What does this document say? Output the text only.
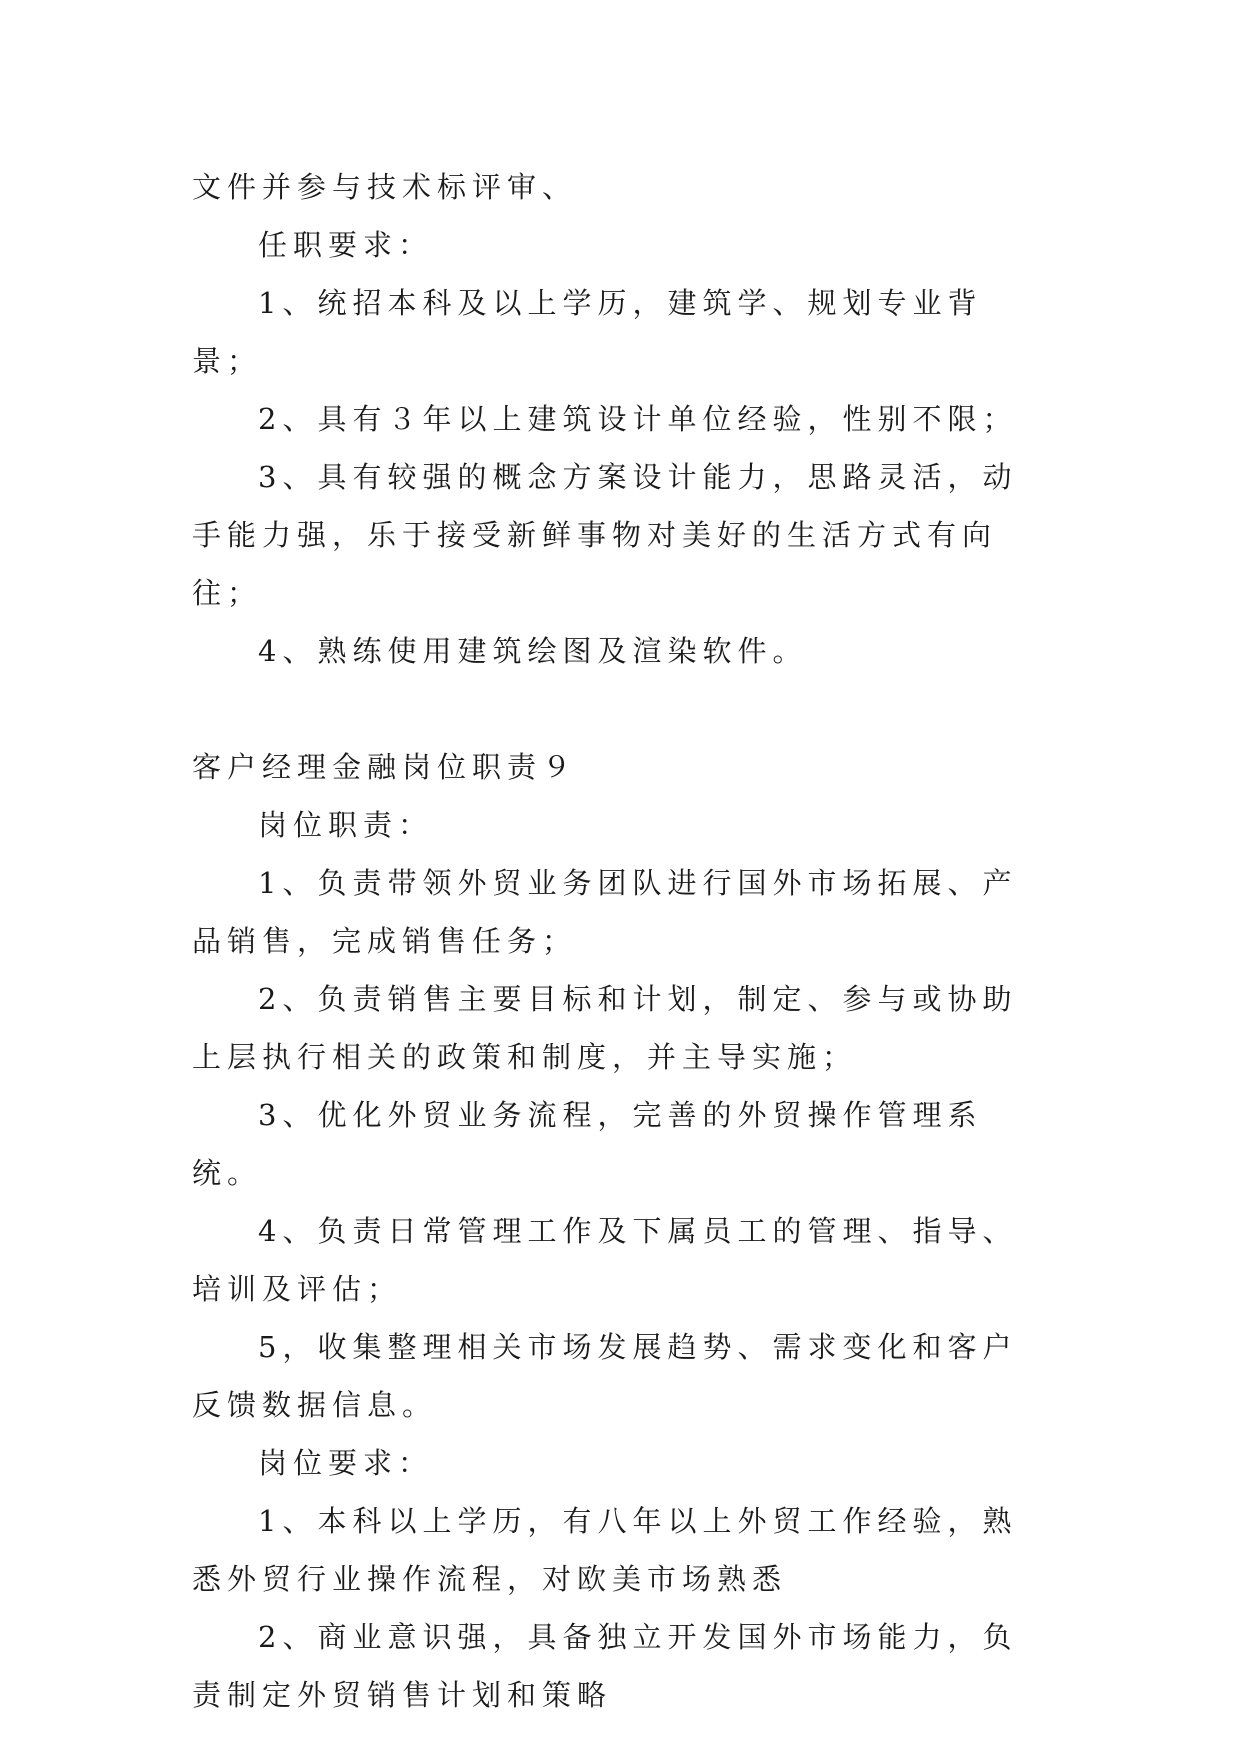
文件并参与技术标评审、

任职要求：

1、统招本科及以上学历，建筑学、规划专业背景；

2、具有３年以上建筑设计单位经验，性别不限；

3、具有较强的概念方案设计能力，思路灵活，动手能力强，乐于接受新鲜事物对美好的生活方式有向往；

4、熟练使用建筑绘图及渲染软件。

客户经理金融岗位职责９

岗位职责：

1、负责带领外贸业务团队进行国外市场拓展、产品销售，完成销售任务；

2、负责销售主要目标和计划，制定、参与或协助上层执行相关的政策和制度，并主导实施；

3、优化外贸业务流程，完善的外贸操作管理系统。

4、负责日常管理工作及下属员工的管理、指导、培训及评估；

5，收集整理相关市场发展趋势、需求变化和客户反馈数据信息。

岗位要求：

1、本科以上学历，有八年以上外贸工作经验，熟悉外贸行业操作流程，对欧美市场熟悉

2、商业意识强，具备独立开发国外市场能力，负责制定外贸销售计划和策略
